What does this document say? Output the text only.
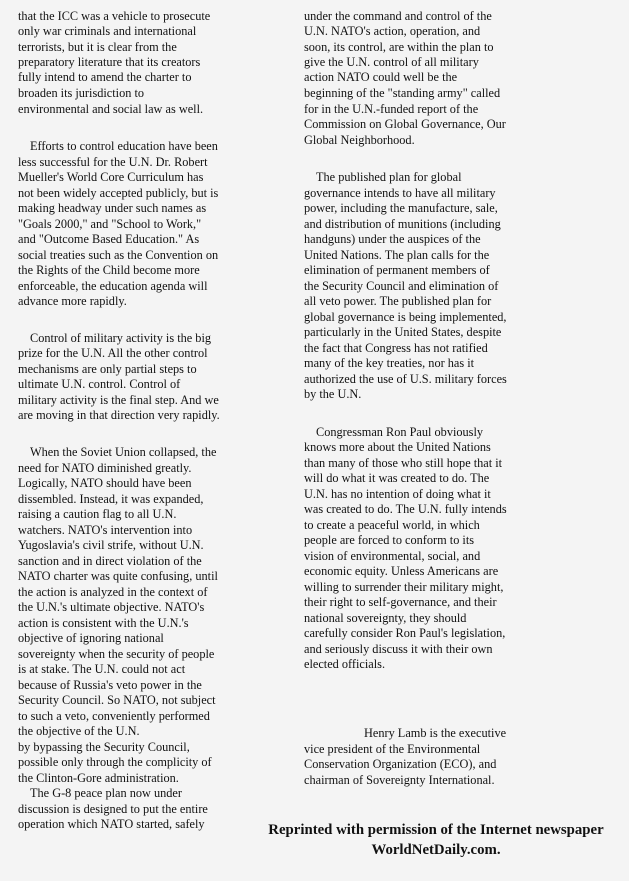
that the ICC was a vehicle to prosecute
only war criminals and international
terrorists, but it is clear from the
preparatory literature that its creators
fully intend to amend the charter to
broaden its jurisdiction to
environmental and social law as well.
Efforts to control education have been
less successful for the U.N. Dr. Robert
Mueller's World Core Curriculum has
not been widely accepted publicly, but is
making headway under such names as
"Goals 2000," and "School to Work,"
and "Outcome Based Education." As
social treaties such as the Convention on
the Rights of the Child become more
enforceable, the education agenda will
advance more rapidly.
Control of military activity is the big
prize for the U.N. All the other control
mechanisms are only partial steps to
ultimate U.N. control. Control of
military activity is the final step. And we
are moving in that direction very rapidly.
When the Soviet Union collapsed, the
need for NATO diminished greatly.
Logically, NATO should have been
dissembled. Instead, it was expanded,
raising a caution flag to all U.N.
watchers. NATO's intervention into
Yugoslavia's civil strife, without U.N.
sanction and in direct violation of the
NATO charter was quite confusing, until
the action is analyzed in the context of
the U.N.'s ultimate objective. NATO's
action is consistent with the U.N.'s
objective of ignoring national
sovereignty when the security of people
is at stake. The U.N. could not act
because of Russia's veto power in the
Security Council. So NATO, not subject
to such a veto, conveniently performed
the objective of the U.N.
by bypassing the Security Council,
possible only through the complicity of
the Clinton-Gore administration.
The G-8 peace plan now under
discussion is designed to put the entire
operation which NATO started, safely
under the command and control of the
U.N. NATO's action, operation, and
soon, its control, are within the plan to
give the U.N. control of all military
action NATO could well be the
beginning of the "standing army" called
for in the U.N.-funded report of the
Commission on Global Governance, Our
Global Neighborhood.
The published plan for global
governance intends to have all military
power, including the manufacture, sale,
and distribution of munitions (including
handguns) under the auspices of the
United Nations. The plan calls for the
elimination of permanent members of
the Security Council and elimination of
all veto power. The published plan for
global governance is being implemented,
particularly in the United States, despite
the fact that Congress has not ratified
many of the key treaties, nor has it
authorized the use of U.S. military forces
by the U.N.
Congressman Ron Paul obviously
knows more about the United Nations
than many of those who still hope that it
will do what it was created to do. The
U.N. has no intention of doing what it
was created to do. The U.N. fully intends
to create a peaceful world, in which
people are forced to conform to its
vision of environmental, social, and
economic equity. Unless Americans are
willing to surrender their military might,
their right to self-governance, and their
national sovereignty, they should
carefully consider Ron Paul's legislation,
and seriously discuss it with their own
elected officials.
Henry Lamb is the executive
vice president of the Environmental
Conservation Organization (ECO), and
chairman of Sovereignty International.
Reprinted with permission of the Internet newspaper
WorldNetDaily.com.
